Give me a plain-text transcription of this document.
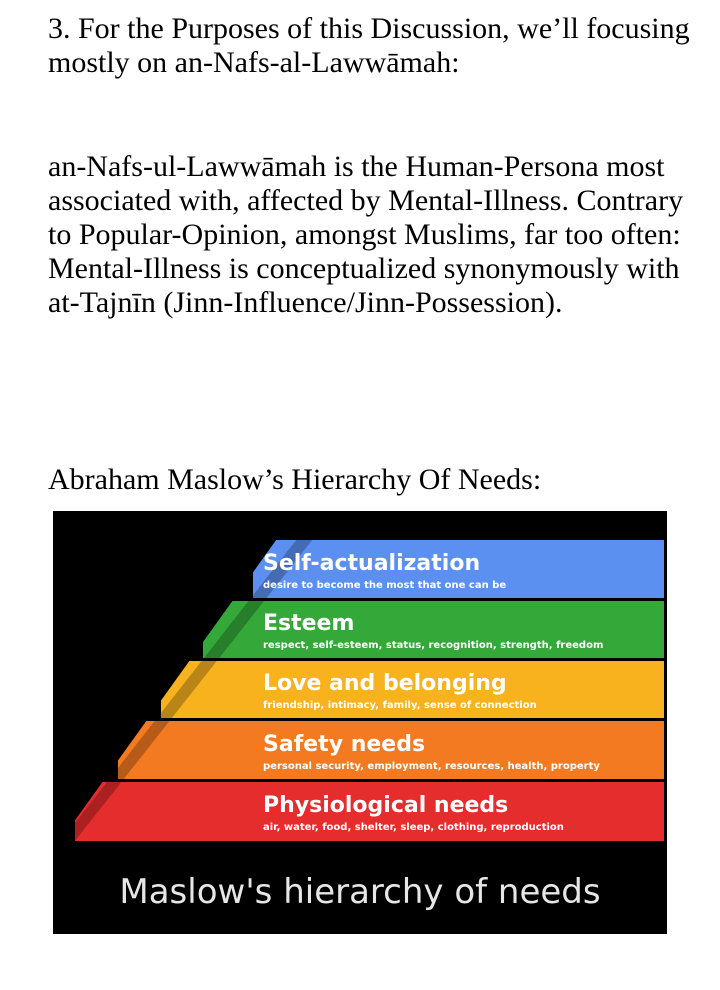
3. For the Purposes of this Discussion, we’ll focusing mostly on an-Nafs-al-Lawwāmah:

an-Nafs-ul-Lawwāmah is the Human-Persona most associated with, affected by Mental-Illness. Contrary to Popular-Opinion, amongst Muslims, far too often: Mental-Illness is conceptualized synonymously with at-Tajnīn (Jinn-Influence/Jinn-Possession).

Abraham Maslow’s Hierarchy Of Needs:

Self-actualization
desire to become the most that one can be
Esteem
respect, self-esteem, status, recognition, strength, freedom
Love and belonging
friendship, intimacy, family, sense of connection
Safety needs
personal security, employment, resources, health, property
Physiological needs
air, water, food, shelter, sleep, clothing, reproduction
Maslow's hierarchy of needs
